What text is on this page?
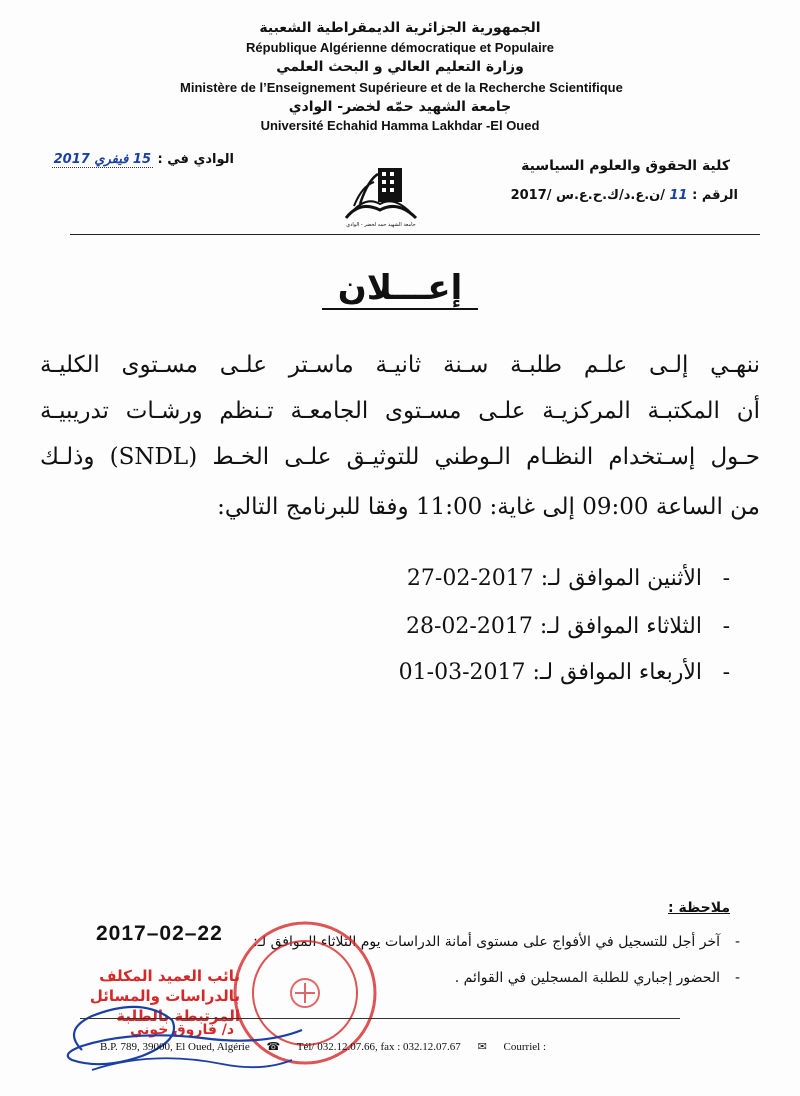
الجمهورية الجزائرية الديمقراطية الشعبية
République Algérienne démocratique et Populaire
وزارة التعليم العالي و البحث العلمي
Ministère de l’Enseignement Supérieure et de la Recherche Scientifique
جامعة الشهيد حمّه لخضر- الوادي
Université Echahid Hamma Lakhdar -El Oued
كلية الحقوق والعلوم السياسية
الرقم : 11 /ن.ع.د/ك.ح.ع.س /2017
الوادي في : 15 فيفري 2017
جامعة الشهيد حمه لخضر - الوادي
إعـــلان
ننهـي إلـى علـم طلبـة سـنة ثانيـة ماسـتر علـى مسـتوى الكليـة
أن المكتبـة المركزيـة علـى مسـتوى الجامعـة تـنظم ورشـات تدريبيـة
حـول إسـتخدام النظـام الـوطني للتوثيـق علـى الخـط (SNDL) وذلـك
من الساعة 09:00 إلى غاية: 11:00 وفقا للبرنامج التالي:
-الأثنين الموافق لـ: 2017-02-27
-الثلاثاء الموافق لـ: 2017-02-28
-الأربعاء الموافق لـ: 2017-03-01
ملاحظة :
-آخر أجل للتسجيل في الأفواج على مستوى أمانة الدراسات يوم الثلاثاء الموافق لـ:
2017–02–22
-الحضور إجباري للطلبة المسجلين في القوائم .
نائب العميد المكلف بالدراسات والمسائل المرتبطة بالطلبة
د/ فاروق خوني
B.P. 789, 39000, El Oued, Algérie ☎ Tél/ 032.12.07.66, fax : 032.12.07.67 ✉ Courriel :
